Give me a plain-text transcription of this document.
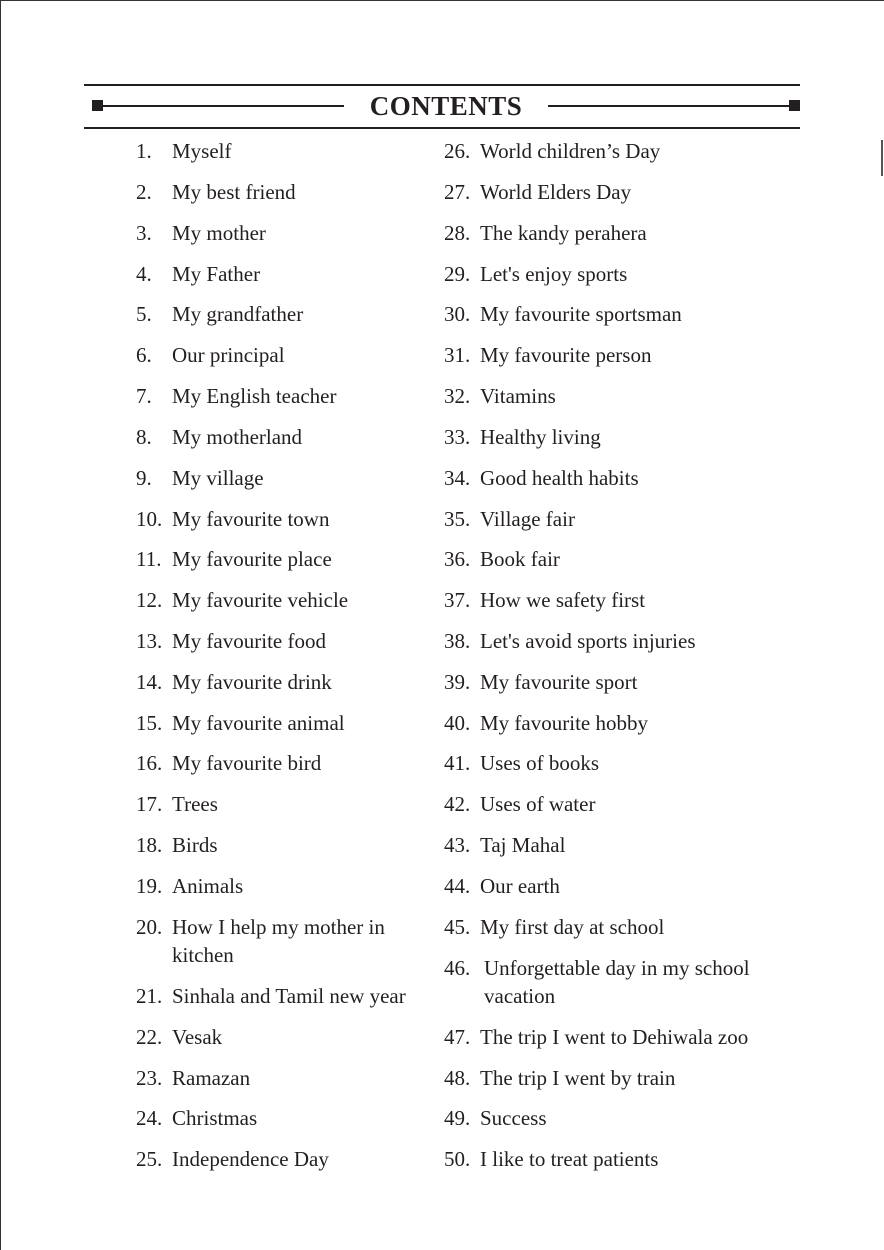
CONTENTS
1. Myself
2. My best friend
3. My mother
4. My Father
5. My grandfather
6. Our principal
7. My English teacher
8. My motherland
9. My village
10. My favourite town
11. My favourite place
12. My favourite vehicle
13. My favourite food
14. My favourite drink
15. My favourite animal
16. My favourite bird
17. Trees
18. Birds
19. Animals
20. How I help my mother in kitchen
21. Sinhala and Tamil new year
22. Vesak
23. Ramazan
24. Christmas
25. Independence Day
26. World children’s Day
27. World Elders Day
28. The kandy perahera
29. Let's enjoy sports
30. My favourite sportsman
31. My favourite person
32. Vitamins
33. Healthy living
34. Good health habits
35. Village fair
36. Book fair
37. How we safety first
38. Let's avoid sports injuries
39. My favourite sport
40. My favourite hobby
41. Uses of books
42. Uses of water
43. Taj Mahal
44. Our earth
45. My first day at school
46. Unforgettable day in my school vacation
47. The trip I went to Dehiwala zoo
48. The trip I went by train
49. Success
50. I like to treat patients
